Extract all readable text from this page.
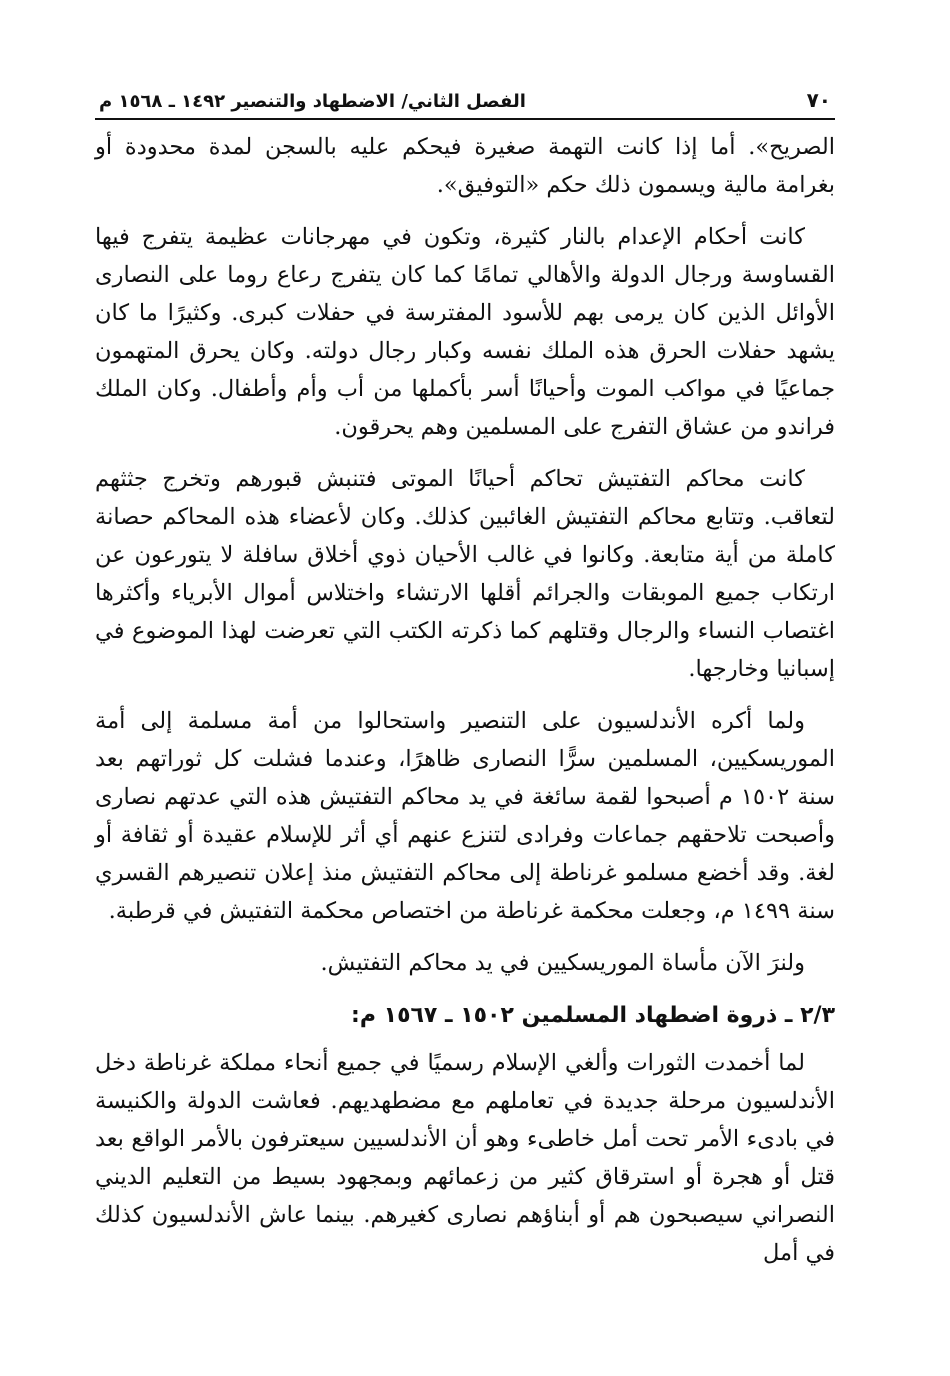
٧٠
الفصل الثاني/ الاضطهاد والتنصير ١٤٩٢ ـ ١٥٦٨ م

الصريح». أما إذا كانت التهمة صغيرة فيحكم عليه بالسجن لمدة محدودة أو بغرامة مالية ويسمون ذلك حكم «التوفيق».

كانت أحكام الإعدام بالنار كثيرة، وتكون في مهرجانات عظيمة يتفرج فيها القساوسة ورجال الدولة والأهالي تمامًا كما كان يتفرج رعاع روما على النصارى الأوائل الذين كان يرمى بهم للأسود المفترسة في حفلات كبرى. وكثيرًا ما كان يشهد حفلات الحرق هذه الملك نفسه وكبار رجال دولته. وكان يحرق المتهمون جماعيًا في مواكب الموت وأحيانًا أسر بأكملها من أب وأم وأطفال. وكان الملك فراندو من عشاق التفرج على المسلمين وهم يحرقون.

كانت محاكم التفتيش تحاكم أحيانًا الموتى فتنبش قبورهم وتخرج جثثهم لتعاقب. وتتابع محاكم التفتيش الغائبين كذلك. وكان لأعضاء هذه المحاكم حصانة كاملة من أية متابعة. وكانوا في غالب الأحيان ذوي أخلاق سافلة لا يتورعون عن ارتكاب جميع الموبقات والجرائم أقلها الارتشاء واختلاس أموال الأبرياء وأكثرها اغتصاب النساء والرجال وقتلهم كما ذكرته الكتب التي تعرضت لهذا الموضوع في إسبانيا وخارجها.

ولما أكره الأندلسيون على التنصير واستحالوا من أمة مسلمة إلى أمة الموريسكيين، المسلمين سرًّا النصارى ظاهرًا، وعندما فشلت كل ثوراتهم بعد سنة ١٥٠٢ م أصبحوا لقمة سائغة في يد محاكم التفتيش هذه التي عدتهم نصارى وأصبحت تلاحقهم جماعات وفرادى لتنزع عنهم أي أثر للإسلام عقيدة أو ثقافة أو لغة. وقد أخضع مسلمو غرناطة إلى محاكم التفتيش منذ إعلان تنصيرهم القسري سنة ١٤٩٩ م، وجعلت محكمة غرناطة من اختصاص محكمة التفتيش في قرطبة.

ولنرَ الآن مأساة الموريسكيين في يد محاكم التفتيش.

٢/٣ ـ ذروة اضطهاد المسلمين ١٥٠٢ ـ ١٥٦٧ م:

لما أخمدت الثورات وألغي الإسلام رسميًا في جميع أنحاء مملكة غرناطة دخل الأندلسيون مرحلة جديدة في تعاملهم مع مضطهديهم. فعاشت الدولة والكنيسة في بادىء الأمر تحت أمل خاطىء وهو أن الأندلسيين سيعترفون بالأمر الواقع بعد قتل أو هجرة أو استرقاق كثير من زعمائهم وبمجهود بسيط من التعليم الديني النصراني سيصبحون هم أو أبناؤهم نصارى كغيرهم. بينما عاش الأندلسيون كذلك في أمل
